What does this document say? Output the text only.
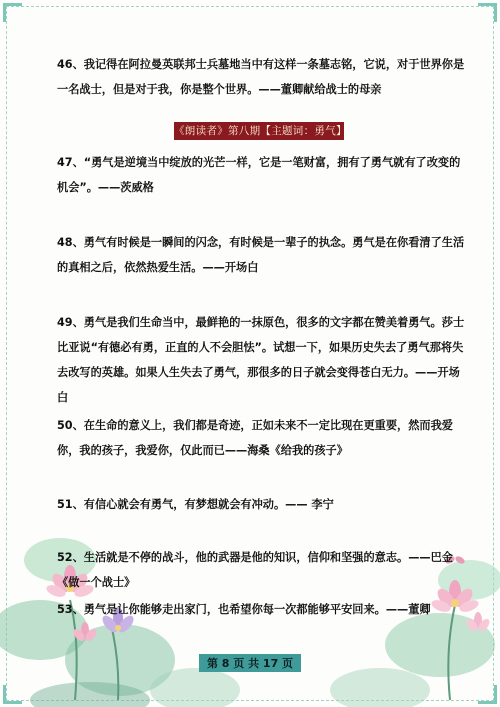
46、我记得在阿拉曼英联邦士兵墓地当中有这样一条墓志铭，它说，对于世界你是一名战士，但是对于我，你是整个世界。——董卿献给战士的母亲
《朗读者》第八期【主题词：勇气】
47、“勇气是逆境当中绽放的光芒一样，它是一笔财富，拥有了勇气就有了改变的机会”。——茨威格
48、勇气有时候是一瞬间的闪念，有时候是一辈子的执念。勇气是在你看清了生活的真相之后，依然热爱生活。——开场白
49、勇气是我们生命当中，最鲜艳的一抹原色，很多的文字都在赞美着勇气。莎士比亚说“有德必有勇，正直的人不会胆怯”。试想一下，如果历史失去了勇气那将失去改写的英雄。如果人生失去了勇气，那很多的日子就会变得苍白无力。——开场白
50、在生命的意义上，我们都是奇迹，正如未来不一定比现在更重要，然而我爱你，我的孩子，我爱你，仅此而已——海桑《给我的孩子》
51、有信心就会有勇气，有梦想就会有冲动。—— 李宁
52、生活就是不停的战斗，他的武器是他的知识，信仰和坚强的意志。——巴金《做一个战士》
53、勇气是让你能够走出家门，也希望你每一次都能够平安回来。——董卿
第 8 页 共 17 页
